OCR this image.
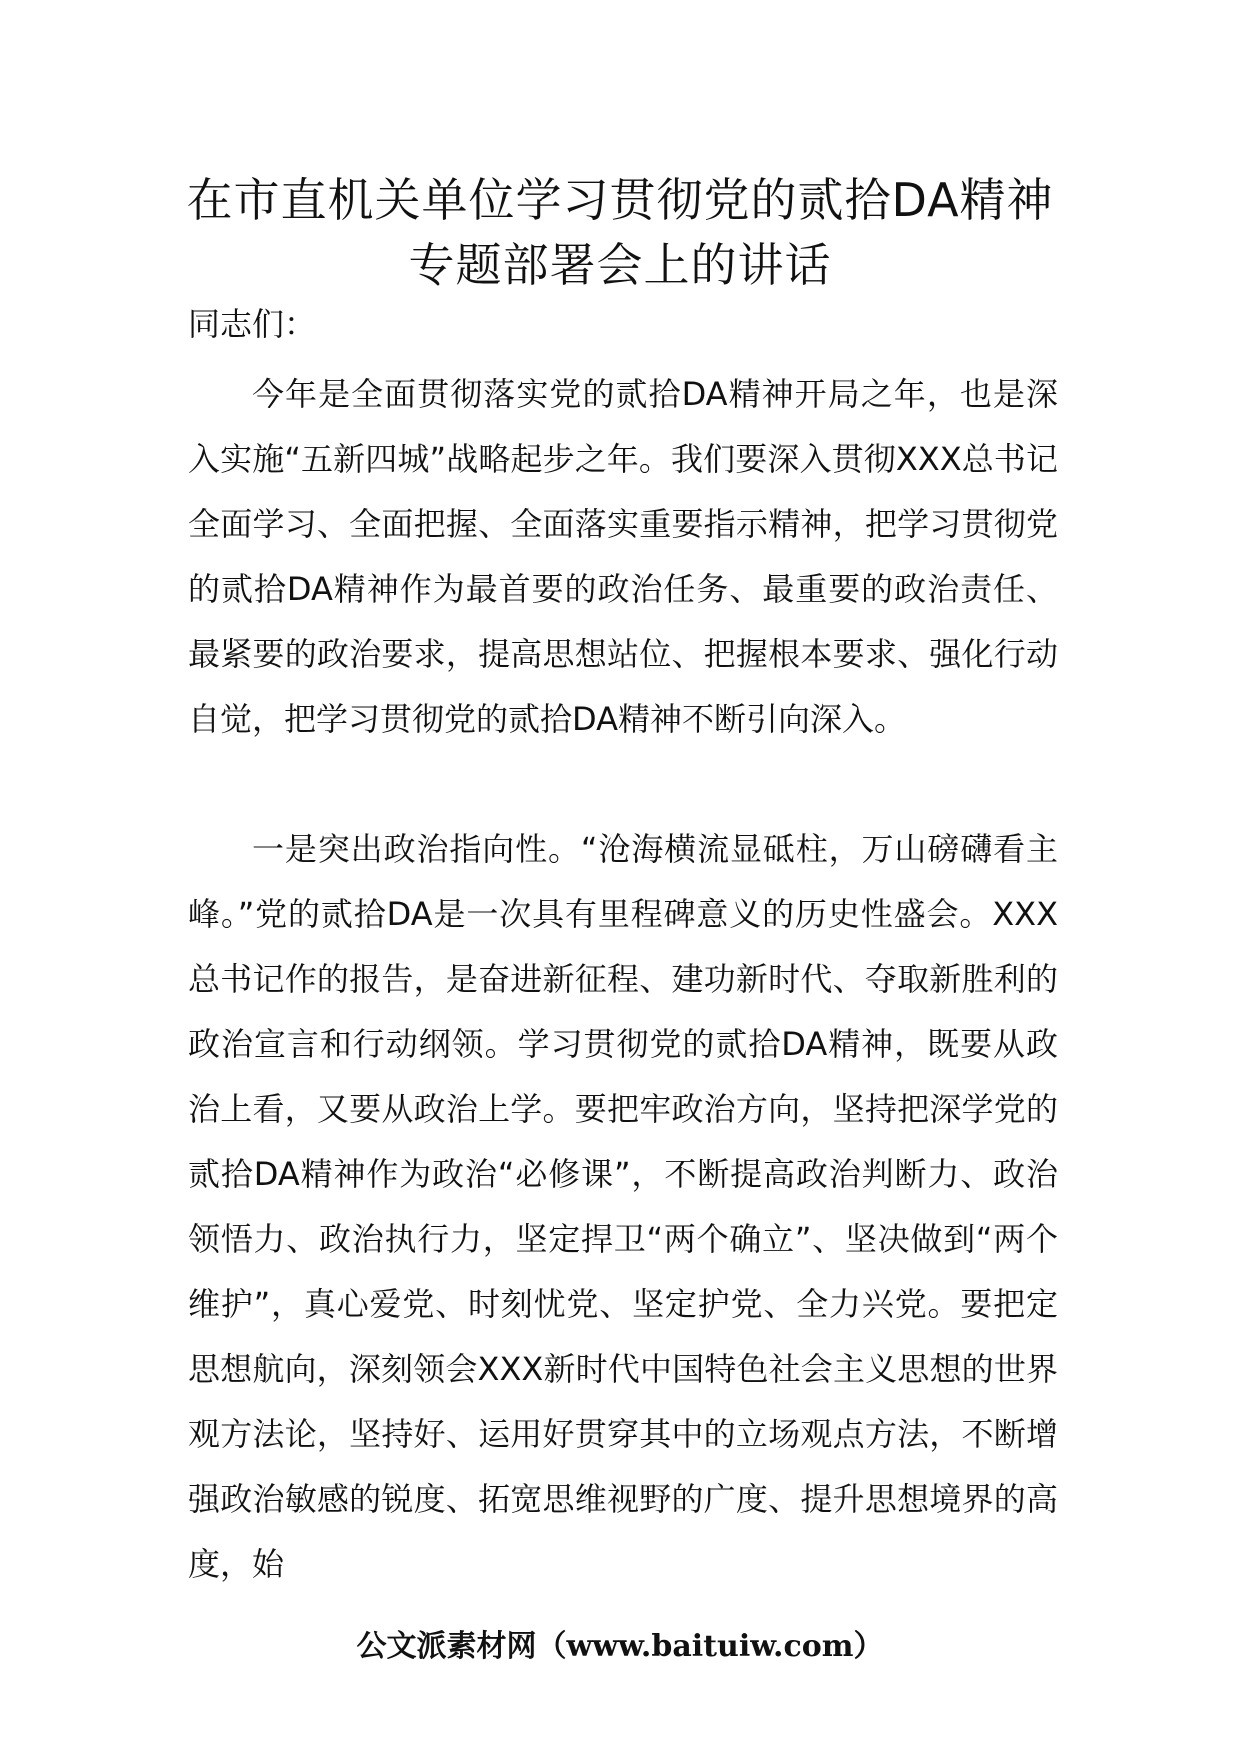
在市直机关单位学习贯彻党的贰拾DA精神
专题部署会上的讲话

同志们：

今年是全面贯彻落实党的贰拾DA精神开局之年，也是深入实施“五新四城”战略起步之年。我们要深入贯彻XXX总书记全面学习、全面把握、全面落实重要指示精神，把学习贯彻党的贰拾DA精神作为最首要的政治任务、最重要的政治责任、最紧要的政治要求，提高思想站位、把握根本要求、强化行动自觉，把学习贯彻党的贰拾DA精神不断引向深入。

一是突出政治指向性。“沧海横流显砥柱，万山磅礴看主峰。”党的贰拾DA是一次具有里程碑意义的历史性盛会。XXX总书记作的报告，是奋进新征程、建功新时代、夺取新胜利的政治宣言和行动纲领。学习贯彻党的贰拾DA精神，既要从政治上看，又要从政治上学。要把牢政治方向，坚持把深学党的贰拾DA精神作为政治“必修课”，不断提高政治判断力、政治领悟力、政治执行力，坚定捍卫“两个确立”、坚决做到“两个维护”，真心爱党、时刻忧党、坚定护党、全力兴党。要把定思想航向，深刻领会XXX新时代中国特色社会主义思想的世界观方法论，坚持好、运用好贯穿其中的立场观点方法，不断增强政治敏感的锐度、拓宽思维视野的广度、提升思想境界的高度，始

公文派素材网（www.baituiw.com）
